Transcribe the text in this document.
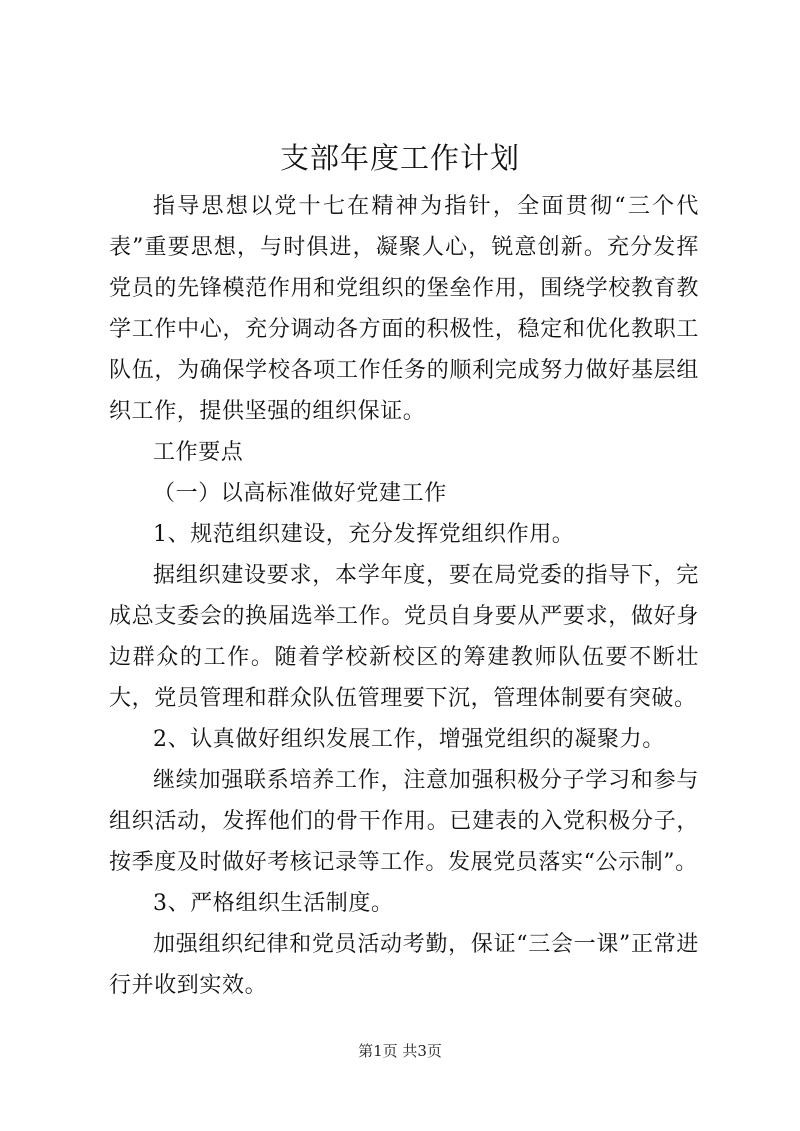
支部年度工作计划

指导思想以党十七在精神为指针，全面贯彻“三个代表”重要思想，与时俱进，凝聚人心，锐意创新。充分发挥党员的先锋模范作用和党组织的堡垒作用，围绕学校教育教学工作中心，充分调动各方面的积极性，稳定和优化教职工队伍，为确保学校各项工作任务的顺利完成努力做好基层组织工作，提供坚强的组织保证。

工作要点

（一）以高标准做好党建工作

1、规范组织建设，充分发挥党组织作用。

据组织建设要求，本学年度，要在局党委的指导下，完成总支委会的换届选举工作。党员自身要从严要求，做好身边群众的工作。随着学校新校区的筹建教师队伍要不断壮大，党员管理和群众队伍管理要下沉，管理体制要有突破。

2、认真做好组织发展工作，增强党组织的凝聚力。

继续加强联系培养工作，注意加强积极分子学习和参与组织活动，发挥他们的骨干作用。已建表的入党积极分子，按季度及时做好考核记录等工作。发展党员落实“公示制”。

3、严格组织生活制度。

加强组织纪律和党员活动考勤，保证“三会一课”正常进行并收到实效。

第1页 共3页
